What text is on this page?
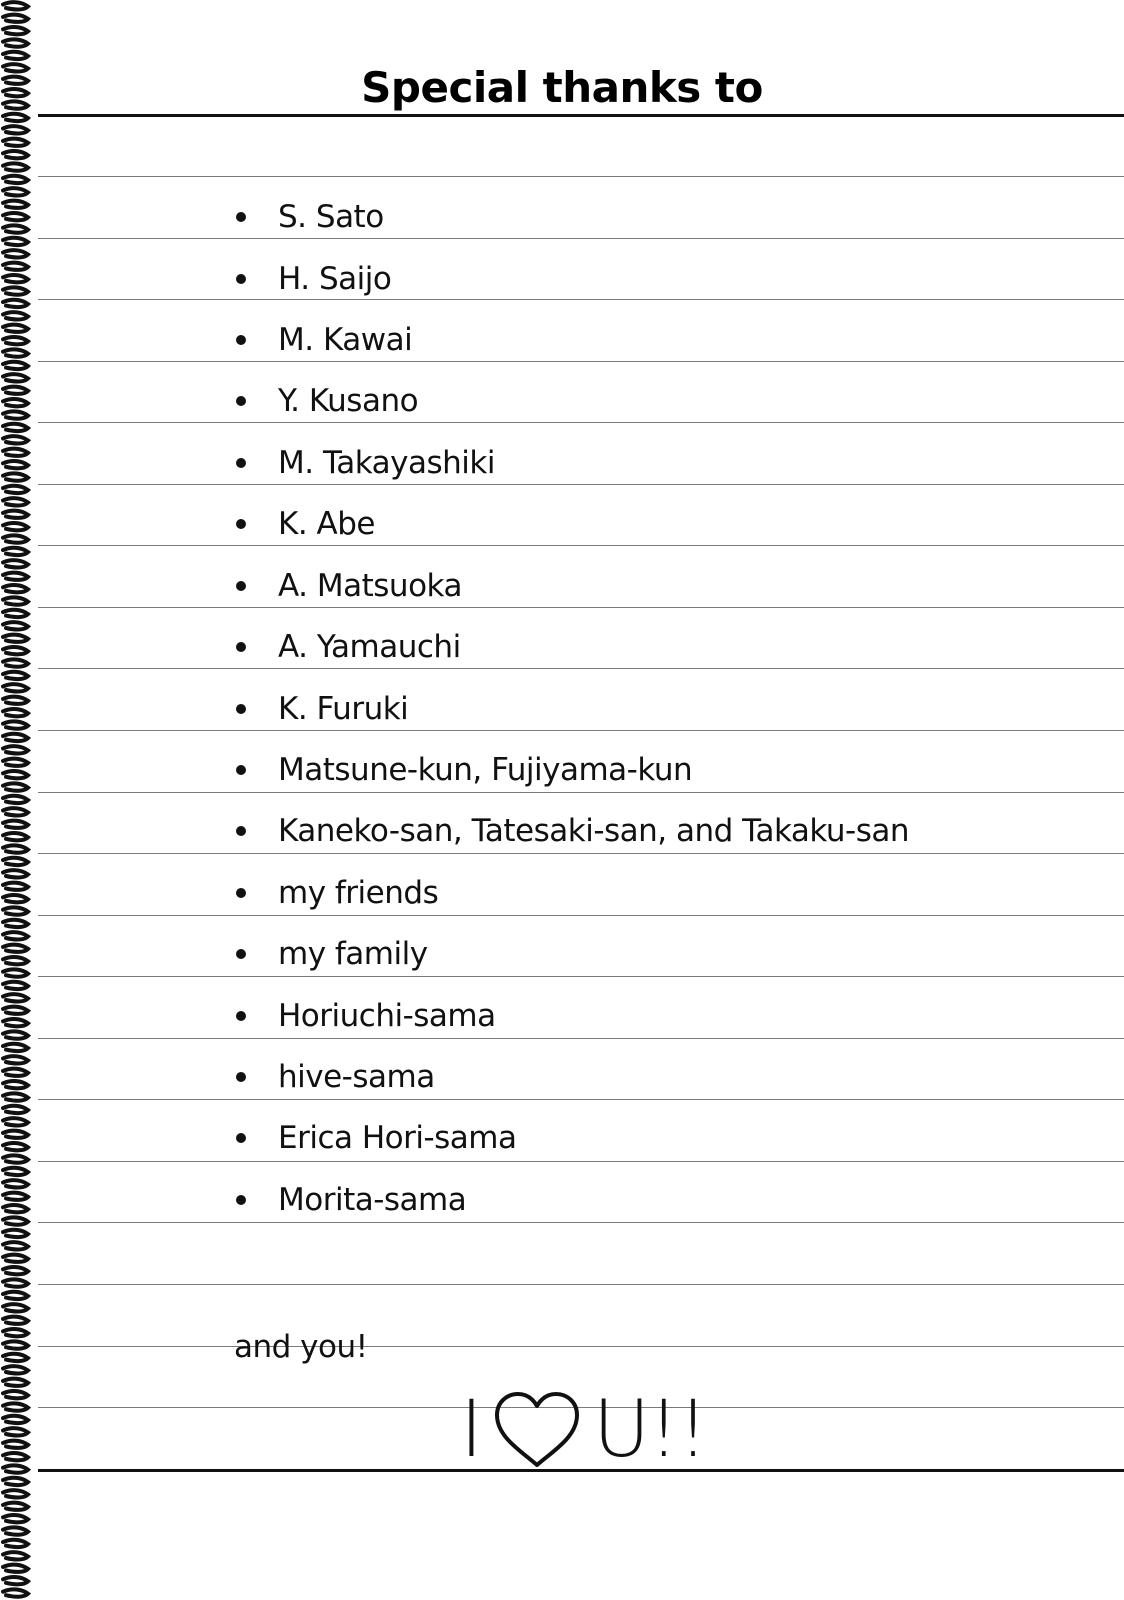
Special thanks to
S. Sato
H. Saijo
M. Kawai
Y. Kusano
M. Takayashiki
K. Abe
A. Matsuoka
A. Yamauchi
K. Furuki
Matsune-kun, Fujiyama-kun
Kaneko-san, Tatesaki-san, and Takaku-san
my friends
my family
Horiuchi-sama
hive-sama
Erica Hori-sama
Morita-sama
and you!
I U!!
